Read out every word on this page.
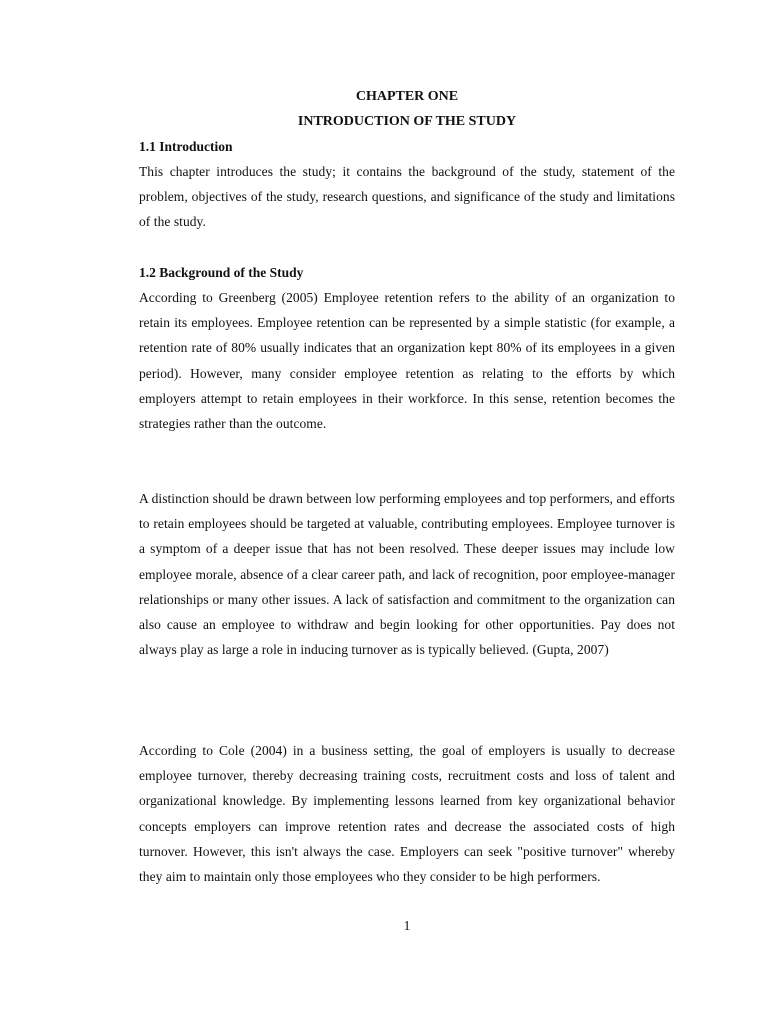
CHAPTER ONE
INTRODUCTION OF THE STUDY
1.1 Introduction
This chapter introduces the study; it contains the background of the study, statement of the problem, objectives of the study, research questions, and significance of the study and limitations of the study.
1.2 Background of the Study
According to Greenberg (2005) Employee retention refers to the ability of an organization to retain its employees. Employee retention can be represented by a simple statistic (for example, a retention rate of 80% usually indicates that an organization kept 80% of its employees in a given period). However, many consider employee retention as relating to the efforts by which employers attempt to retain employees in their workforce. In this sense, retention becomes the strategies rather than the outcome.
A distinction should be drawn between low performing employees and top performers, and efforts to retain employees should be targeted at valuable, contributing employees. Employee turnover is a symptom of a deeper issue that has not been resolved. These deeper issues may include low employee morale, absence of a clear career path, and lack of recognition, poor employee-manager relationships or many other issues. A lack of satisfaction and commitment to the organization can also cause an employee to withdraw and begin looking for other opportunities. Pay does not always play as large a role in inducing turnover as is typically believed. (Gupta, 2007)
According to Cole (2004) in a business setting, the goal of employers is usually to decrease employee turnover, thereby decreasing training costs, recruitment costs and loss of talent and organizational knowledge. By implementing lessons learned from key organizational behavior concepts employers can improve retention rates and decrease the associated costs of high turnover. However, this isn't always the case. Employers can seek "positive turnover" whereby they aim to maintain only those employees who they consider to be high performers.
1
